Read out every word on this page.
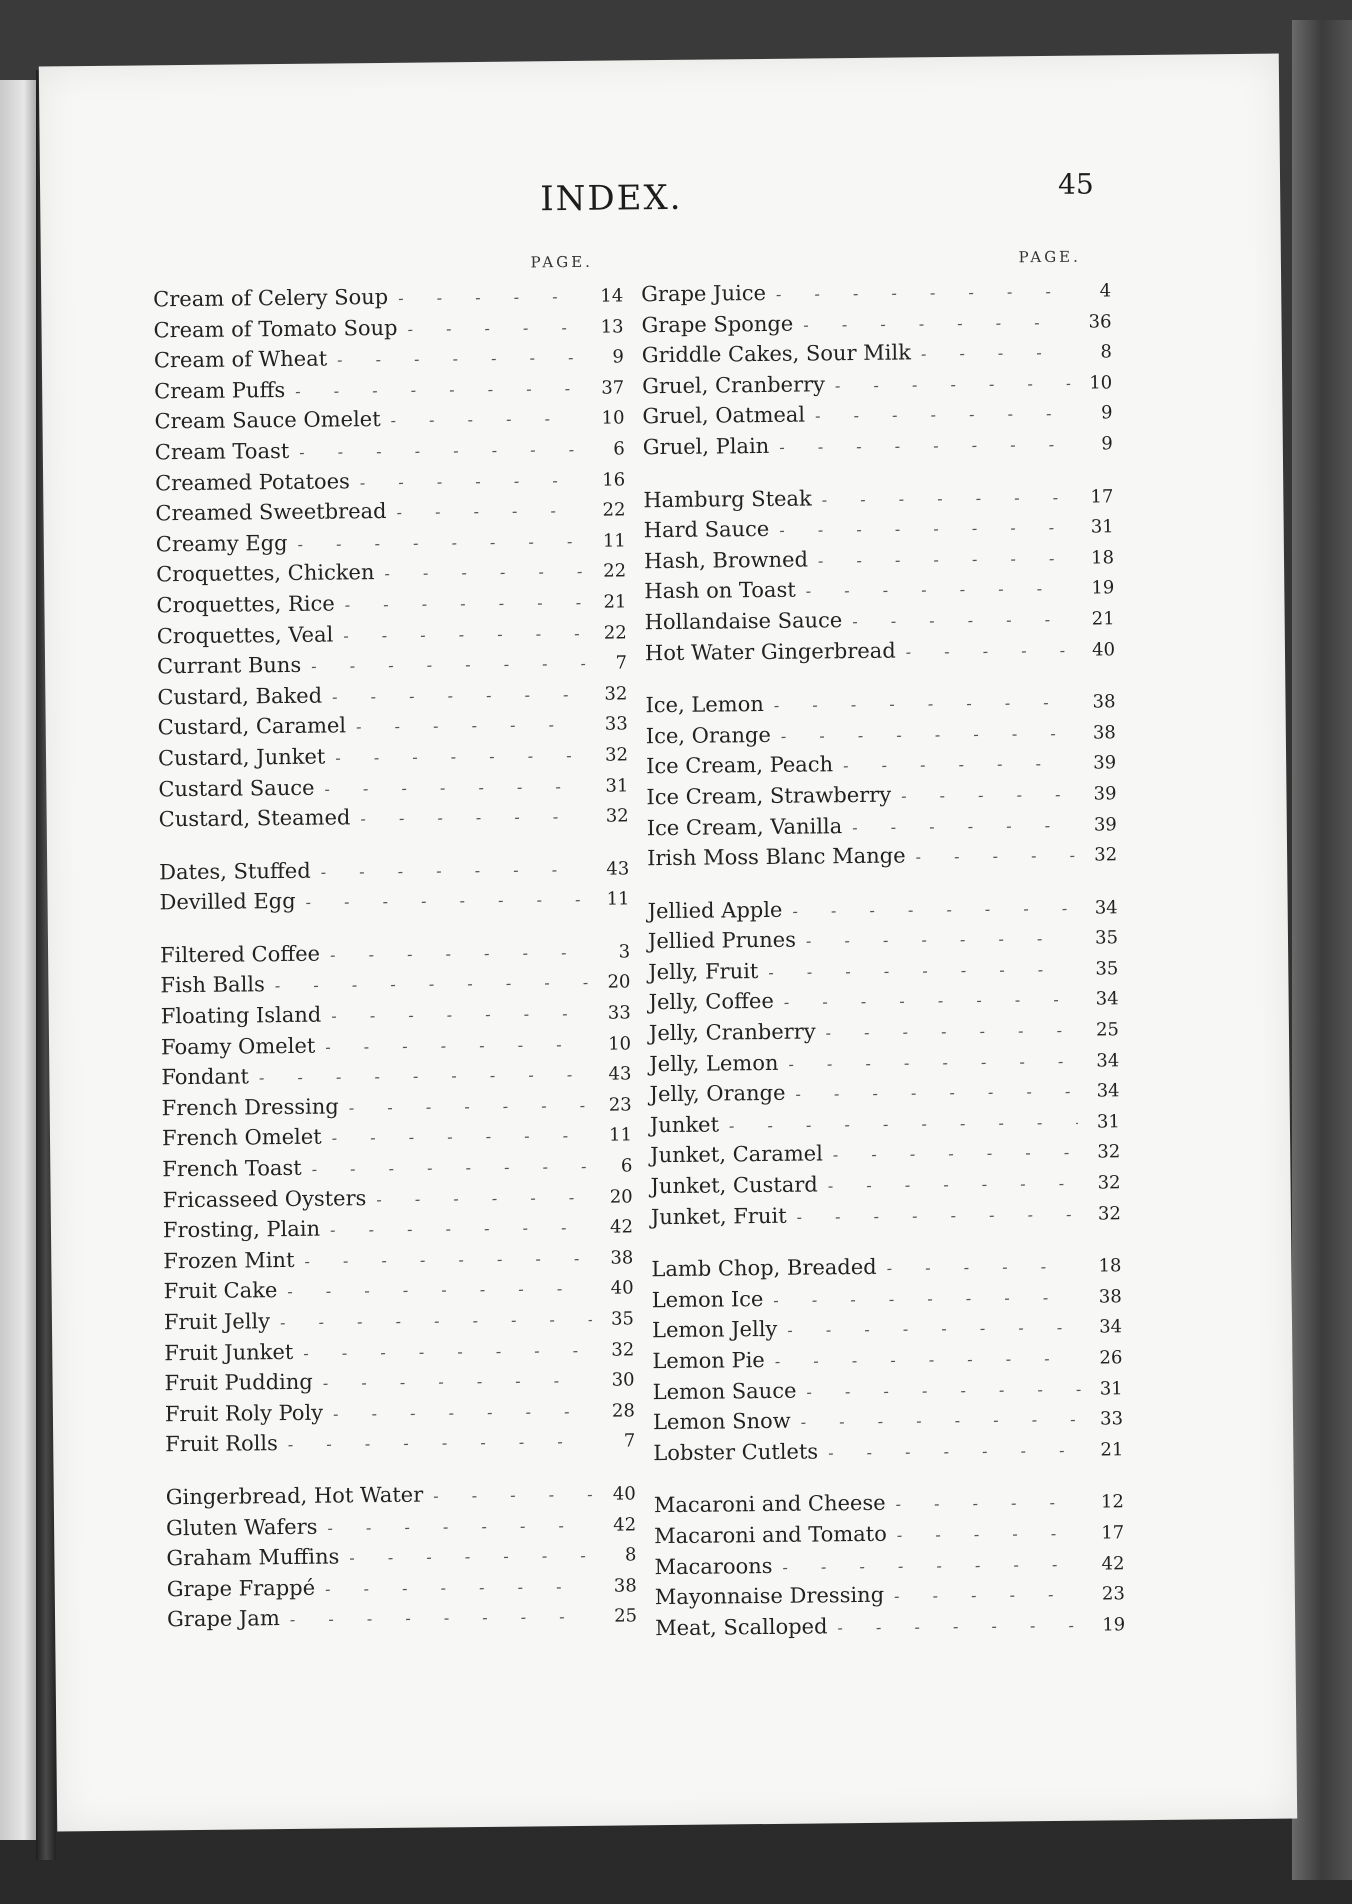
INDEX.	45
PAGE.
Cream of Celery Soup - - -	14
Cream of Tomato Soup - - -	13
Cream of Wheat - - -	9
Cream Puffs - - -	37
Cream Sauce Omelet - - -	10
Cream Toast - - -	6
Creamed Potatoes - - -	16
Creamed Sweetbread - - -	22
Creamy Egg - - -	11
Croquettes, Chicken - - -	22
Croquettes, Rice - - -	21
Croquettes, Veal - - -	22
Currant Buns - - -	7
Custard, Baked - - -	32
Custard, Caramel - - -	33
Custard, Junket - - -	32
Custard Sauce - - -	31
Custard, Steamed - - -	32
Dates, Stuffed - - -	43
Devilled Egg - - -	11
Filtered Coffee - - -	3
Fish Balls - - -	20
Floating Island - - -	33
Foamy Omelet - - -	10
Fondant - - -	43
French Dressing - - -	23
French Omelet - - -	11
French Toast - - -	6
Fricasseed Oysters - - -	20
Frosting, Plain - - -	42
Frozen Mint - - -	38
Fruit Cake - - -	40
Fruit Jelly - - -	35
Fruit Junket - - -	32
Fruit Pudding - - -	30
Fruit Roly Poly - - -	28
Fruit Rolls - - -	7
Gingerbread, Hot Water - - -	40
Gluten Wafers - - -	42
Graham Muffins - - -	8
Grape Frappé - - -	38
Grape Jam - - -	25
PAGE.
Grape Juice - - -	4
Grape Sponge - - -	36
Griddle Cakes, Sour Milk - - -	8
Gruel, Cranberry - - -	10
Gruel, Oatmeal - - -	9
Gruel, Plain - - -	9
Hamburg Steak - - -	17
Hard Sauce - - -	31
Hash, Browned - - -	18
Hash on Toast - - -	19
Hollandaise Sauce - - -	21
Hot Water Gingerbread - - -	40
Ice, Lemon - - -	38
Ice, Orange - - -	38
Ice Cream, Peach - - -	39
Ice Cream, Strawberry - - -	39
Ice Cream, Vanilla - - -	39
Irish Moss Blanc Mange - - -	32
Jellied Apple - - -	34
Jellied Prunes - - -	35
Jelly, Fruit - - -	35
Jelly, Coffee - - -	34
Jelly, Cranberry - - -	25
Jelly, Lemon - - -	34
Jelly, Orange - - -	34
Junket - - -	31
Junket, Caramel - - -	32
Junket, Custard - - -	32
Junket, Fruit - - -	32
Lamb Chop, Breaded - - -	18
Lemon Ice - - -	38
Lemon Jelly - - -	34
Lemon Pie - - -	26
Lemon Sauce - - -	31
Lemon Snow - - -	33
Lobster Cutlets - - -	21
Macaroni and Cheese - - -	12
Macaroni and Tomato - - -	17
Macaroons - - -	42
Mayonnaise Dressing - - -	23
Meat, Scalloped - - -	19
